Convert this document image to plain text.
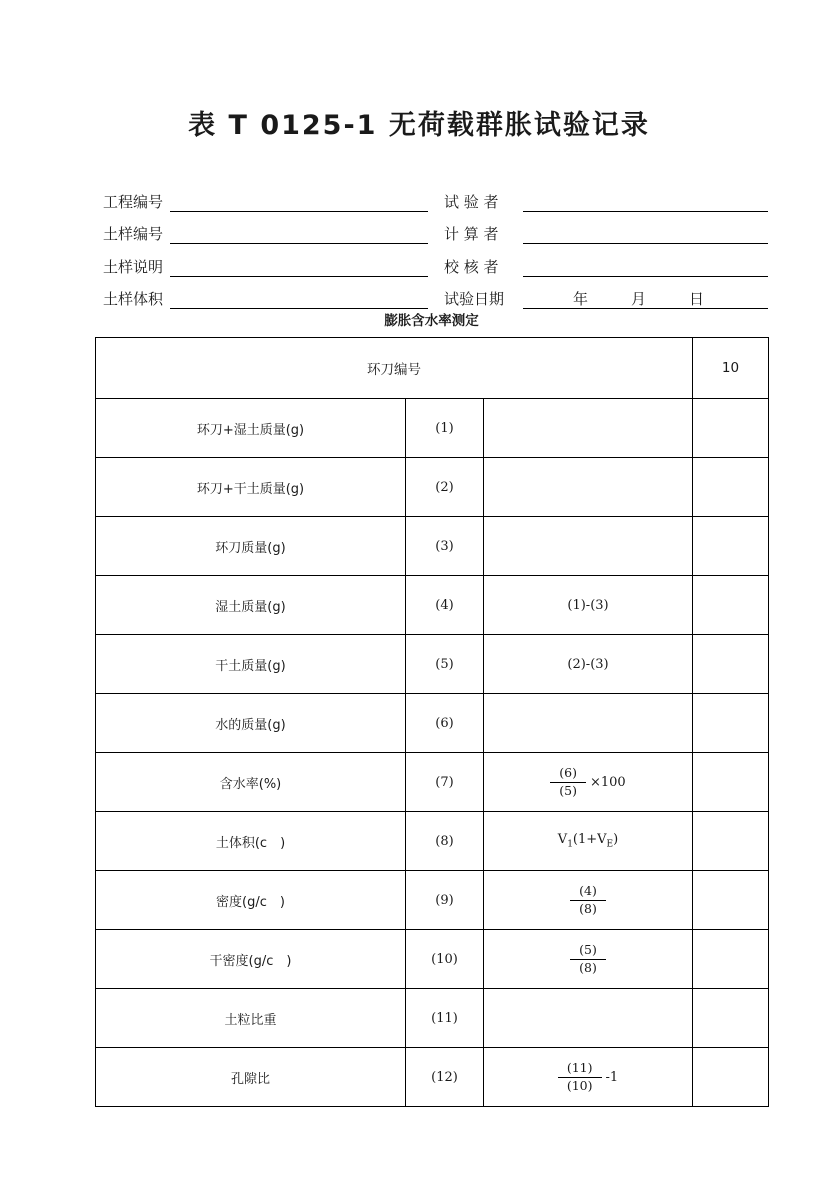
表 T 0125-1 无荷载群胀试验记录
工程编号	试 验 者
土样编号	计 算 者
土样说明	校 核 者
土样体积	试验日期	年　月　日
膨胀含水率测定
环刀编号			10
环刀+湿土质量(g)	(1)		
环刀+干土质量(g)	(2)		
环刀质量(g)	(3)		
湿土质量(g)	(4)	(1)-(3)	
干土质量(g)	(5)	(2)-(3)	
水的质量(g)	(6)		
含水率(%)	(7)	$\frac{(6)}{(5)} \times 100$	

土体积(c　)	(8)	$V_1(1+V_E)$	
密度(g/c　)	(9)	$\frac{(4)}{(8)}$

干密度(g/c　)	(10)	$\frac{(5)}{(8)}$

土粒比重	(11)		
孔隙比	(12)	$\frac{(11)}{(10)} -1$	
